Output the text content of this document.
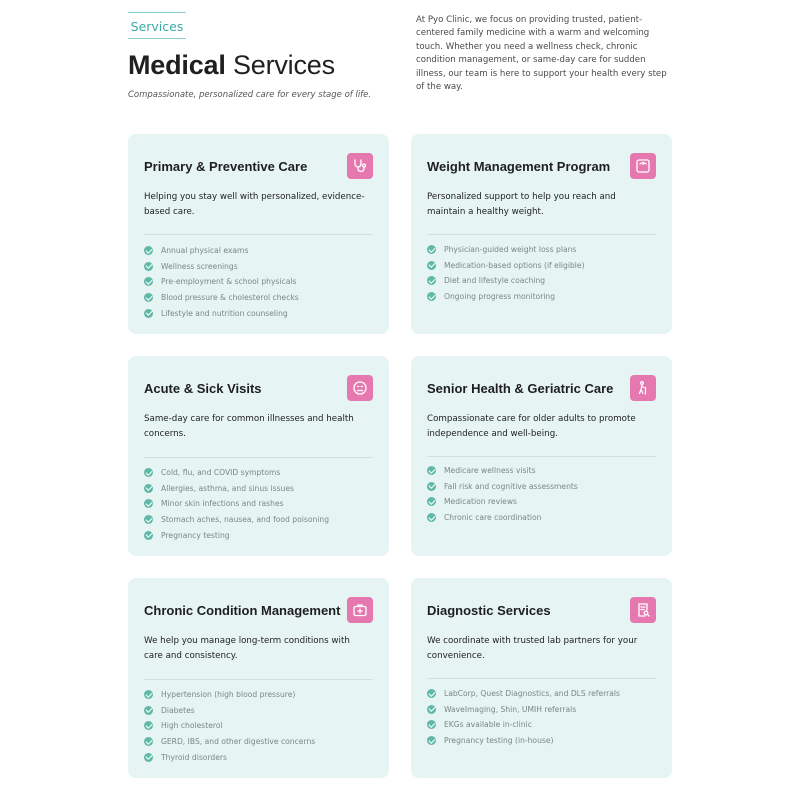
Services
Medical Services

Compassionate, personalized care for every stage of life.

At Pyo Clinic, we focus on providing trusted, patient-centered family medicine with a warm and welcoming touch. Whether you need a wellness check, chronic condition management, or same-day care for sudden illness, our team is here to support your health every step of the way.

Primary & Preventive Care

Helping you stay well with personalized, evidence-based care.

Annual physical exams
Wellness screenings
Pre-employment & school physicals
Blood pressure & cholesterol checks
Lifestyle and nutrition counseling
Weight Management Program

Personalized support to help you reach and maintain a healthy weight.

Physician-guided weight loss plans
Medication-based options (if eligible)
Diet and lifestyle coaching
Ongoing progress monitoring
Acute & Sick Visits

Same-day care for common illnesses and health concerns.

Cold, flu, and COVID symptoms
Allergies, asthma, and sinus issues
Minor skin infections and rashes
Stomach aches, nausea, and food poisoning
Pregnancy testing
Senior Health & Geriatric Care

Compassionate care for older adults to promote independence and well-being.

Medicare wellness visits
Fall risk and cognitive assessments
Medication reviews
Chronic care coordination
Chronic Condition Management

We help you manage long-term conditions with care and consistency.

Hypertension (high blood pressure)
Diabetes
High cholesterol
GERD, IBS, and other digestive concerns
Thyroid disorders
Diagnostic Services

We coordinate with trusted lab partners for your convenience.

LabCorp, Quest Diagnostics, and DLS referrals
WaveImaging, Shin, UMIH referrals
EKGs available in-clinic
Pregnancy testing (in-house)
